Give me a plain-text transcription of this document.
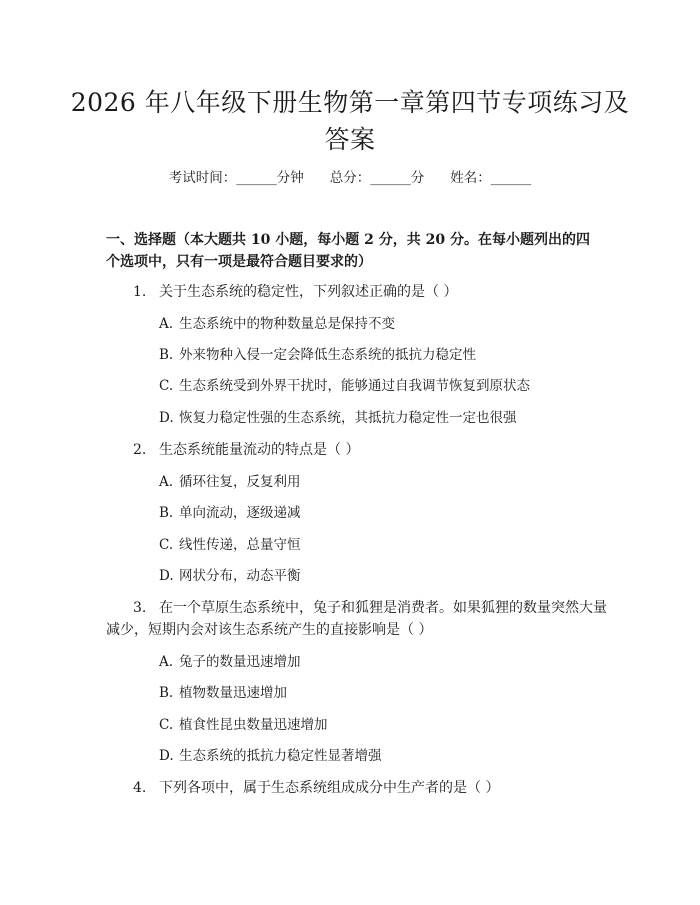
2026 年八年级下册生物第一章第四节专项练习及答案
考试时间：______分钟 总分：______分 姓名：______
一、选择题（本大题共 10 小题，每小题 2 分，共 20 分。在每小题列出的四个选项中，只有一项是最符合题目要求的）
1. 关于生态系统的稳定性，下列叙述正确的是（ ）
A. 生态系统中的物种数量总是保持不变
B. 外来物种入侵一定会降低生态系统的抵抗力稳定性
C. 生态系统受到外界干扰时，能够通过自我调节恢复到原状态
D. 恢复力稳定性强的生态系统，其抵抗力稳定性一定也很强
2. 生态系统能量流动的特点是（ ）
A. 循环往复，反复利用
B. 单向流动，逐级递减
C. 线性传递，总量守恒
D. 网状分布，动态平衡
3. 在一个草原生态系统中，兔子和狐狸是消费者。如果狐狸的数量突然大量
减少，短期内会对该生态系统产生的直接影响是（ ）
A. 兔子的数量迅速增加
B. 植物数量迅速增加
C. 植食性昆虫数量迅速增加
D. 生态系统的抵抗力稳定性显著增强
4. 下列各项中，属于生态系统组成成分中生产者的是（ ）
